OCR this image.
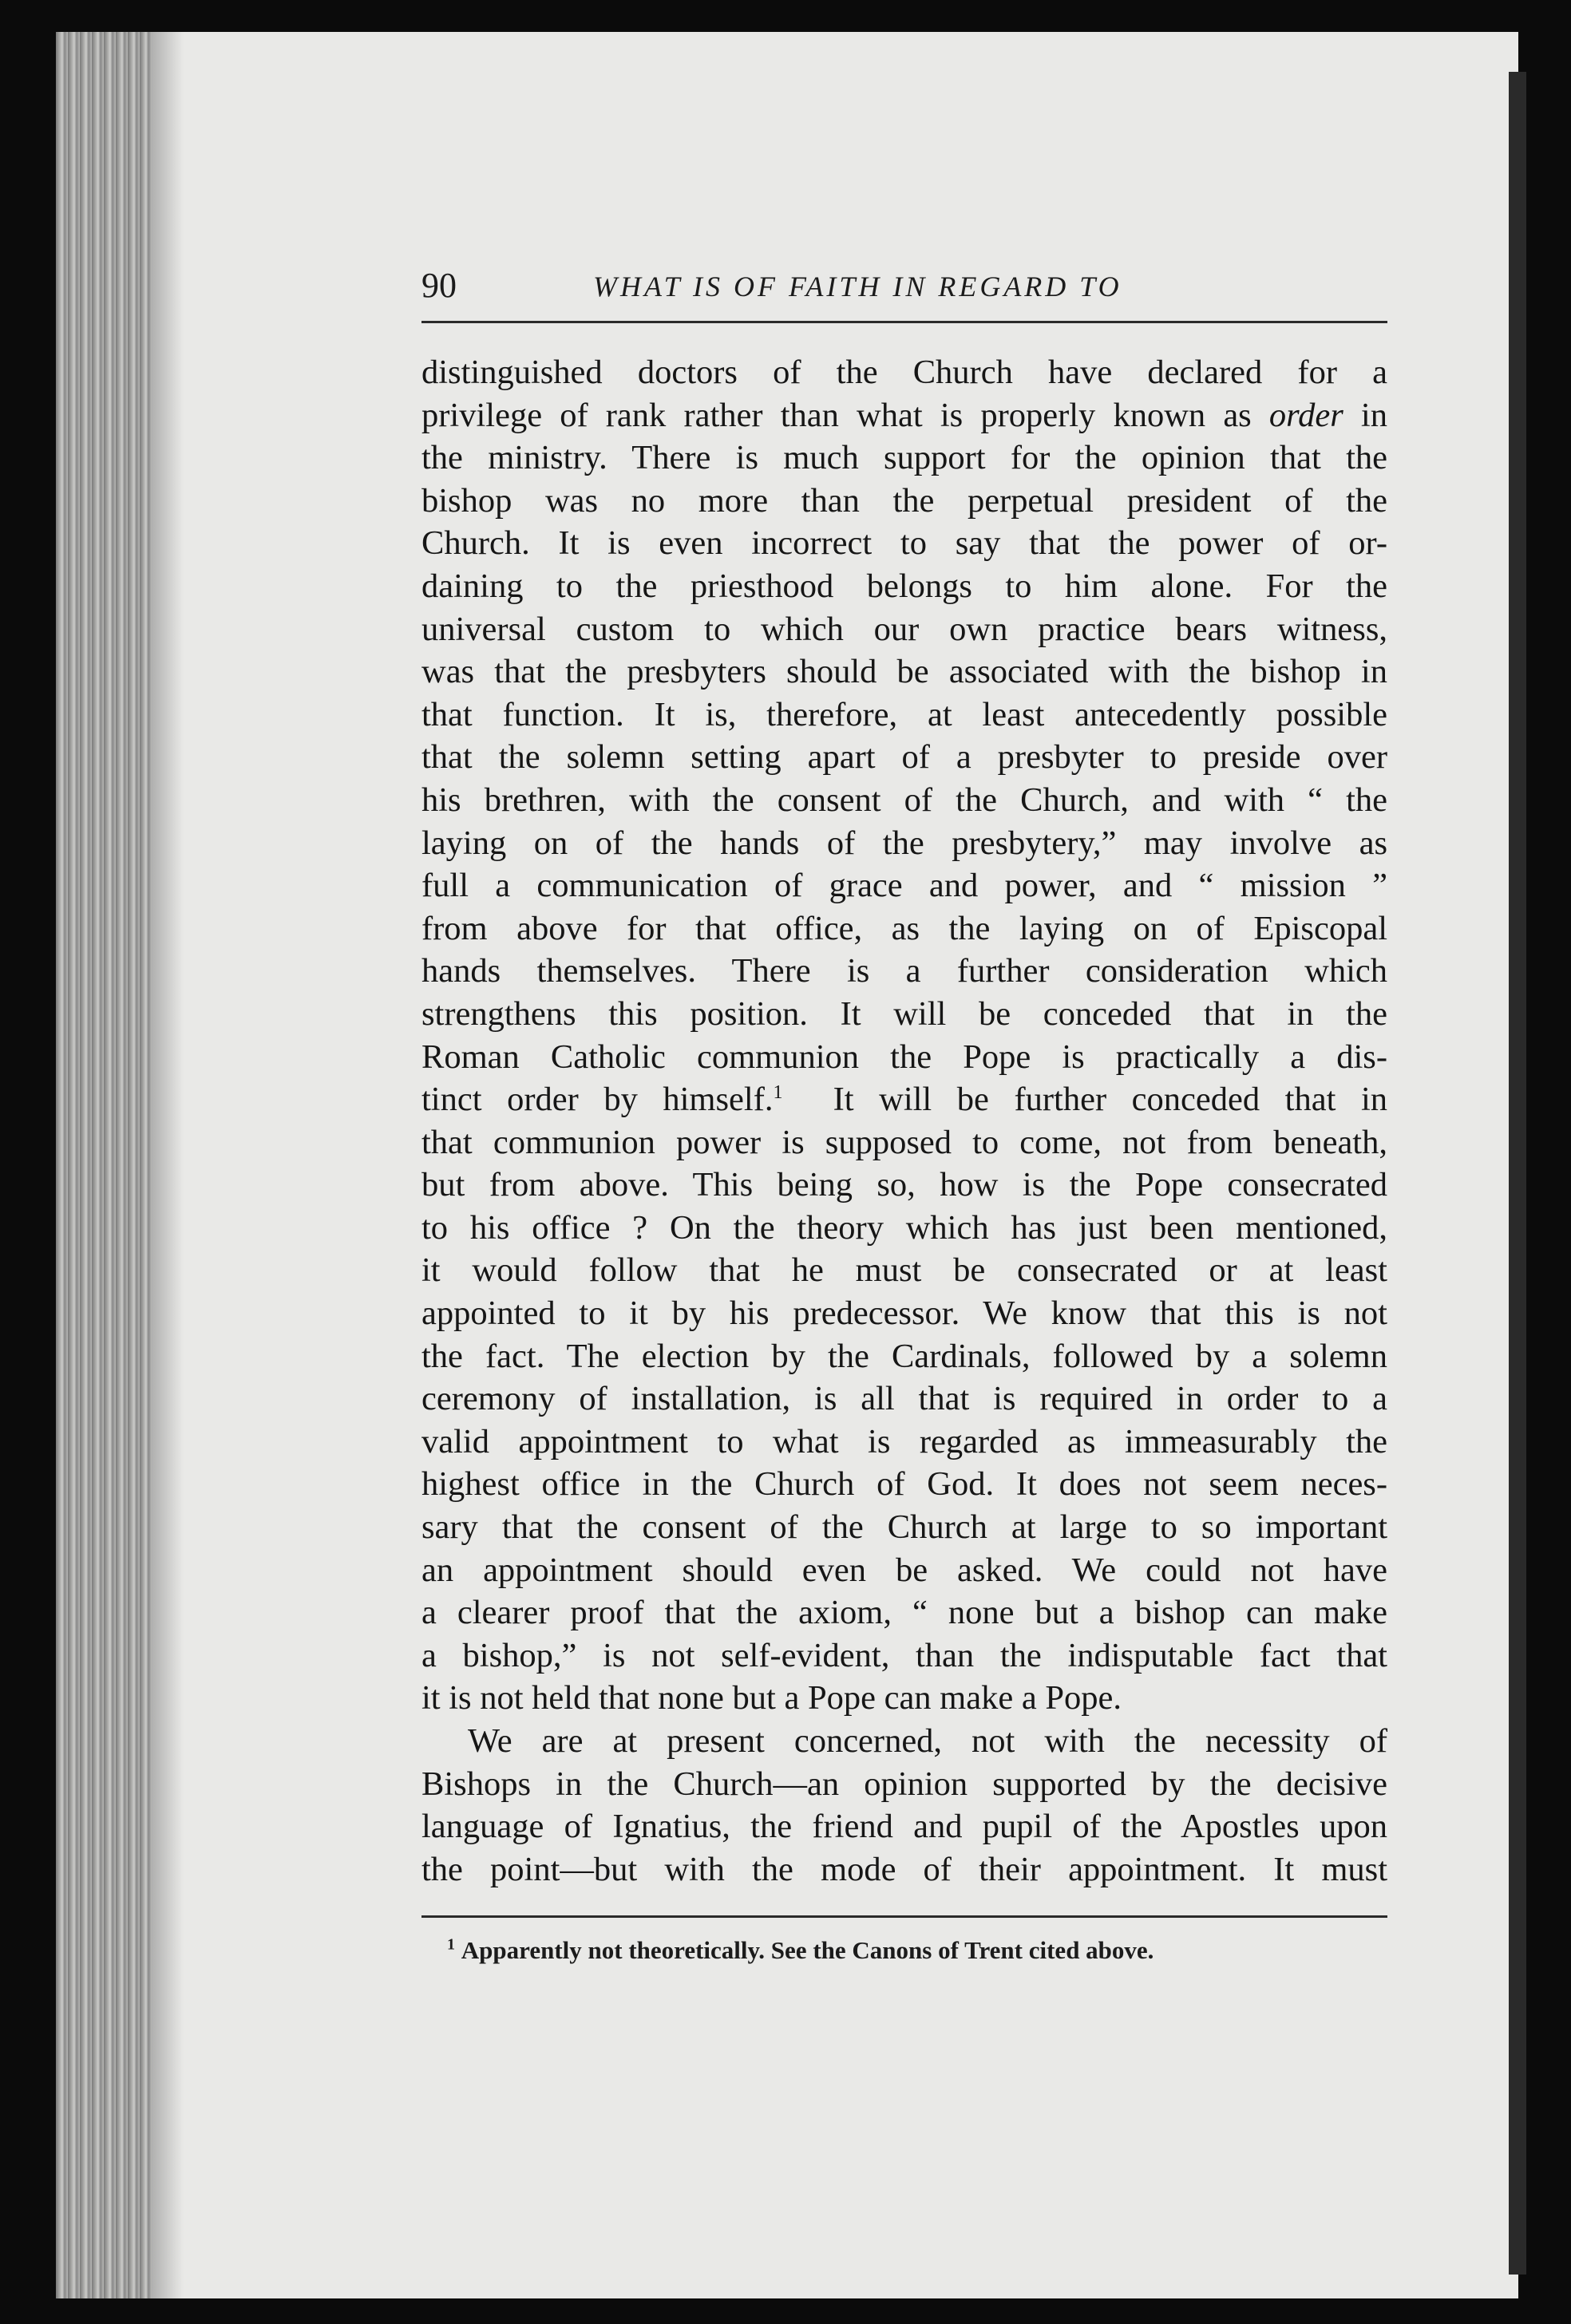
90	WHAT IS OF FAITH IN REGARD TO
distinguished doctors of the Church have declared for a
privilege of rank rather than what is properly known as order in
the ministry. There is much support for the opinion that the
bishop was no more than the perpetual president of the
Church. It is even incorrect to say that the power of or-
daining to the priesthood belongs to him alone. For the
universal custom to which our own practice bears witness,
was that the presbyters should be associated with the bishop in
that function. It is, therefore, at least antecedently possible
that the solemn setting apart of a presbyter to preside over
his brethren, with the consent of the Church, and with “ the
laying on of the hands of the presbytery,” may involve as
full a communication of grace and power, and “ mission ”
from above for that office, as the laying on of Episcopal
hands themselves. There is a further consideration which
strengthens this position. It will be conceded that in the
Roman Catholic communion the Pope is practically a dis-
tinct order by himself.$^1$ It will be further conceded that in
that communion power is supposed to come, not from beneath,
but from above. This being so, how is the Pope consecrated
to his office ? On the theory which has just been mentioned,
it would follow that he must be consecrated or at least
appointed to it by his predecessor. We know that this is not
the fact. The election by the Cardinals, followed by a solemn
ceremony of installation, is all that is required in order to a
valid appointment to what is regarded as immeasurably the
highest office in the Church of God. It does not seem neces-
sary that the consent of the Church at large to so important
an appointment should even be asked. We could not have
a clearer proof that the axiom, “ none but a bishop can make
a bishop,” is not self-evident, than the indisputable fact that
it is not held that none but a Pope can make a Pope.
We are at present concerned, not with the necessity of
Bishops in the Church—an opinion supported by the decisive
language of Ignatius, the friend and pupil of the Apostles upon
the point—but with the mode of their appointment. It must
$^1$ Apparently not theoretically. See the Canons of Trent cited above.
